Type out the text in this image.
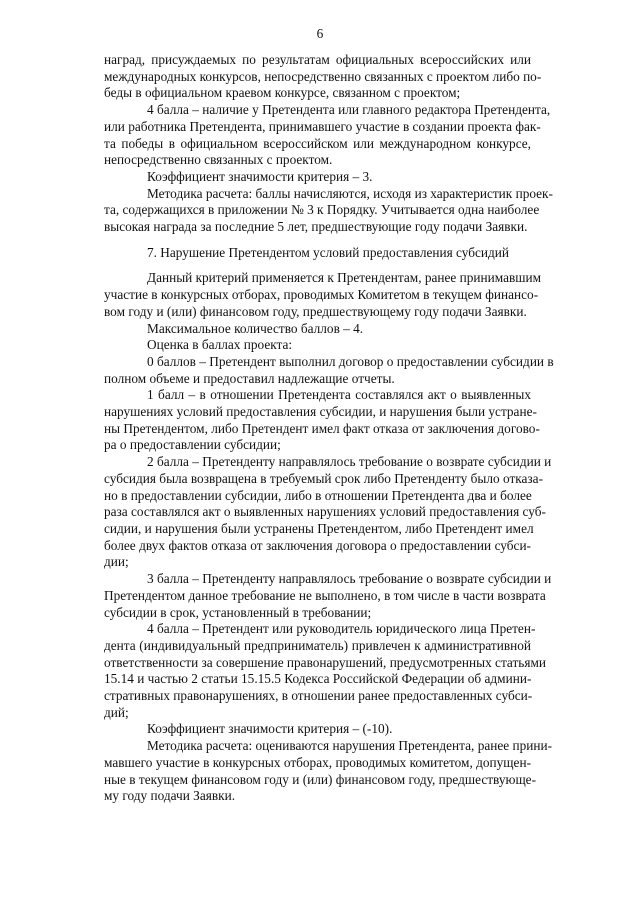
6
наград, присуждаемых по результатам официальных всероссийских или
международных конкурсов, непосредственно связанных с проектом либо по-
беды в официальном краевом конкурсе, связанном с проектом;
4 балла – наличие у Претендента или главного редактора Претендента,
или работника Претендента, принимавшего участие в создании проекта фак-
та победы в официальном всероссийском или международном конкурсе,
непосредственно связанных с проектом.
Коэффициент значимости критерия – 3.
Методика расчета: баллы начисляются, исходя из характеристик проек-
та, содержащихся в приложении № 3 к Порядку. Учитывается одна наиболее
высокая награда за последние 5 лет, предшествующие году подачи Заявки.
7. Нарушение Претендентом условий предоставления субсидий
Данный критерий применяется к Претендентам, ранее принимавшим
участие в конкурсных отборах, проводимых Комитетом в текущем финансо-
вом году и (или) финансовом году, предшествующему году подачи Заявки.
Максимальное количество баллов – 4.
Оценка в баллах проекта:
0 баллов – Претендент выполнил договор о предоставлении субсидии в
полном объеме и предоставил надлежащие отчеты.
1 балл – в отношении Претендента составлялся акт о выявленных
нарушениях условий предоставления субсидии, и нарушения были устране-
ны Претендентом, либо Претендент имел факт отказа от заключения догово-
ра о предоставлении субсидии;
2 балла – Претенденту направлялось требование о возврате субсидии и
субсидия была возвращена в требуемый срок либо Претенденту было отказа-
но в предоставлении субсидии, либо в отношении Претендента два и более
раза составлялся акт о выявленных нарушениях условий предоставления суб-
сидии, и нарушения были устранены Претендентом, либо Претендент имел
более двух фактов отказа от заключения договора о предоставлении субси-
дии;
3 балла – Претенденту направлялось требование о возврате субсидии и
Претендентом данное требование не выполнено, в том числе в части возврата
субсидии в срок, установленный в требовании;
4 балла – Претендент или руководитель юридического лица Претен-
дента (индивидуальный предприниматель) привлечен к административной
ответственности за совершение правонарушений, предусмотренных статьями
15.14 и частью 2 статьи 15.15.5 Кодекса Российской Федерации об админи-
стративных правонарушениях, в отношении ранее предоставленных субси-
дий;
Коэффициент значимости критерия – (-10).
Методика расчета: оцениваются нарушения Претендента, ранее прини-
мавшего участие в конкурсных отборах, проводимых комитетом, допущен-
ные в текущем финансовом году и (или) финансовом году, предшествующе-
му году подачи Заявки.
